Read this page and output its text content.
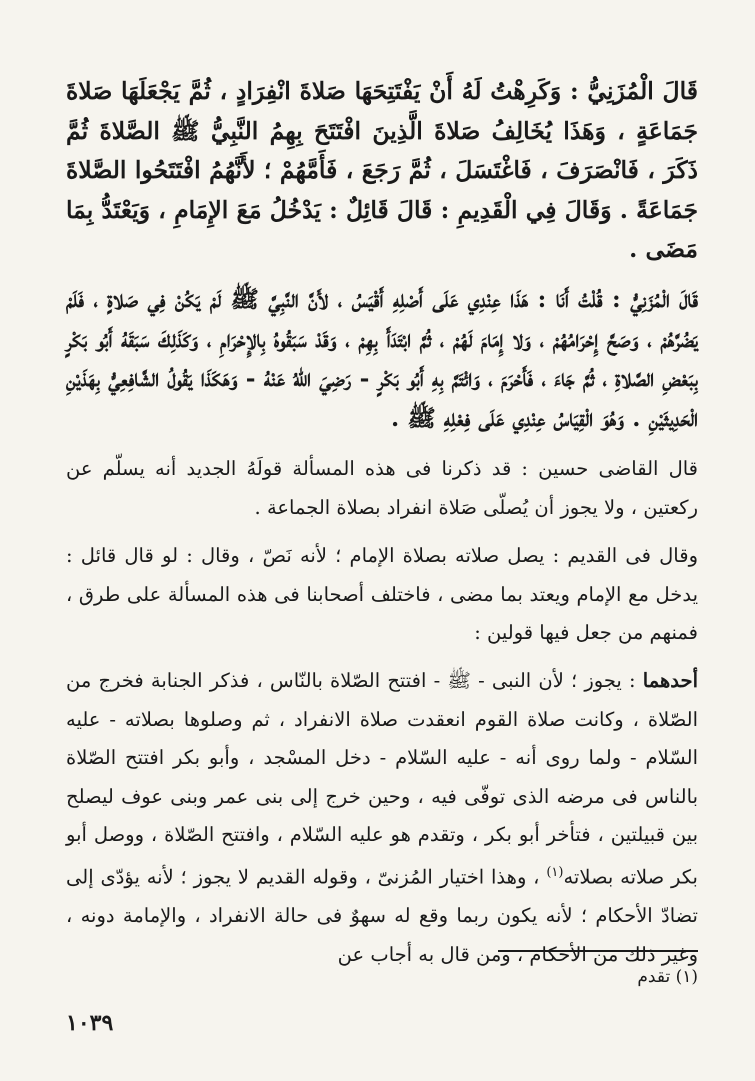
قَالَ الْمُزَنِيُّ : وَكَرِهْتُ لَهُ أَنْ يَفْتَتِحَهَا صَلاةَ انْفِرَادٍ ، ثُمَّ يَجْعَلَهَا صَلاةَ جَمَاعَةٍ ، وَهَذَا يُخَالِفُ صَلاةَ الَّذِينَ افْتَتَحَ بِهِمُ النَّبِيُّ ﷺ الصَّلاةَ ثُمَّ ذَكَرَ ، فَانْصَرَفَ ، فَاغْتَسَلَ ، ثُمَّ رَجَعَ ، فَأَمَّهُمْ ؛ لأَنَّهُمُ افْتَتَحُوا الصَّلاةَ جَمَاعَةً . وَقَالَ فِي الْقَدِيمِ : قَالَ قَائِلٌ : يَدْخُلُ مَعَ الإِمَامِ ، وَيَعْتَدُّ بِمَا مَضَى .

قَالَ الْمُزَنِيُّ : قُلْتُ أَنَا : هَذَا عِنْدِي عَلَى أَصْلِهِ أَقْيَسُ ، لأَنَّ النَّبِيَّ ﷺ لَمْ يَكُنْ فِي صَلاةٍ ، فَلَمْ يَضُرَّهُمْ ، وَصَحَّ إِحْرَامُهُمْ ، وَلا إِمَامَ لَهُمْ ، ثُمَّ ابْتَدَأَ بِهِمْ ، وَقَدْ سَبَقُوهُ بِالإِحْرَامِ ، وَكَذَلِكَ سَبَقَهُ أَبُو بَكْرٍ بِبَعْضِ الصَّلاةِ ، ثُمَّ جَاءَ ، فَأَحْرَمَ ، وَائْتَمَّ بِهِ أَبُو بَكْرٍ - رَضِيَ اللهُ عَنْهُ - وَهَكَذَا يَقُولُ الشَّافِعِيُّ بِهَذَيْنِ الْحَدِيثَيْنِ . وَهُوَ الْقِيَاسُ عِنْدِي عَلَى فِعْلِهِ ﷺ .

قال القاضى حسين : قد ذكرنا فى هذه المسألة قولَهُ الجديد أنه يسلّم عن ركعتين ، ولا يجوز أن يُصلّى صَلاة انفراد بصلاة الجماعة .

وقال فى القديم : يصل صلاته بصلاة الإمام ؛ لأنه نَصّ ، وقال : لو قال قائل : يدخل مع الإمام ويعتد بما مضى ، فاختلف أصحابنا فى هذه المسألة على طرق ، فمنهم من جعل فيها قولين :

أحدهما : يجوز ؛ لأن النبى - ﷺ - افتتح الصّلاة بالنّاس ، فذكر الجنابة فخرج من الصّلاة ، وكانت صلاة القوم انعقدت صلاة الانفراد ، ثم وصلوها بصلاته - عليه السّلام - ولما روى أنه - عليه السّلام - دخل المسْجد ، وأبو بكر افتتح الصّلاة بالناس فى مرضه الذى توفّى فيه ، وحين خرج إلى بنى عمر وبنى عوف ليصلح بين قبيلتين ، فتأخر أبو بكر ، وتقدم هو عليه السّلام ، وافتتح الصّلاة ، ووصل أبو بكر صلاته بصلاته$^{(١)}$ ، وهذا اختيار المُزنىّ ، وقوله القديم لا يجوز ؛ لأنه يؤدّى إلى تضادّ الأحكام ؛ لأنه يكون ربما وقع له سهوٌ فى حالة الانفراد ، والإمامة دونه ، وغير ذلك من الأحكام ، ومن قال به أجاب عن

(١) تقدم
١٠٣٩
